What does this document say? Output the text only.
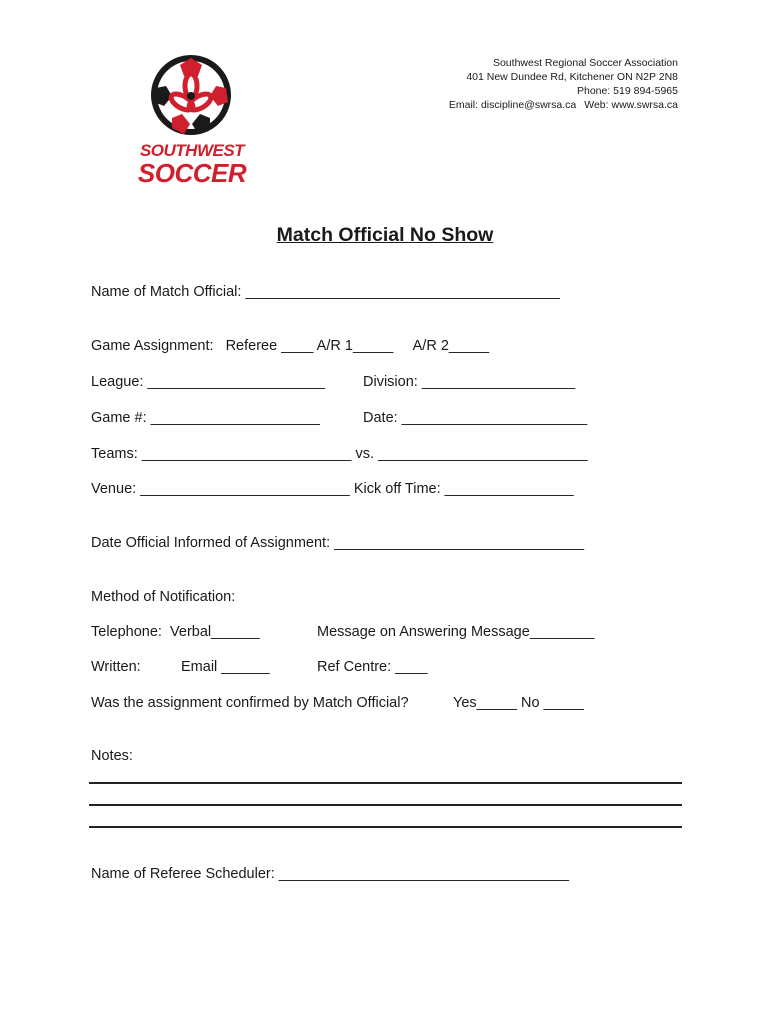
SOUTHWEST
SOCCER
Southwest Regional Soccer Association
401 New Dundee Rd, Kitchener ON N2P 2N8
Phone: 519 894-5965
Email: discipline@swrsa.ca Web: www.swrsa.ca
Match Official No Show
Name of Match Official: _______________________________________
Game Assignment:   Referee ____ A/R 1_____     A/R 2_____
League: ______________________	Division: ___________________
Game #: _____________________	Date: _______________________
Teams: __________________________ vs. __________________________
Venue: __________________________ Kick off Time: ________________
Date Official Informed of Assignment: _______________________________
Method of Notification:
Telephone:  Verbal______	Message on Answering Message________
Written:	Email ______	Ref Centre: ____
Was the assignment confirmed by Match Official?	Yes_____ No _____
Notes:
Name of Referee Scheduler: ____________________________________
